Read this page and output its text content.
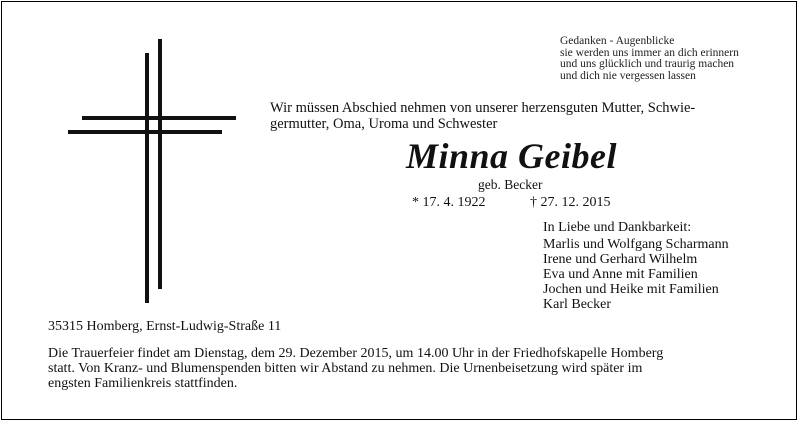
Gedanken - Augenblicke
sie werden uns immer an dich erinnern
und uns glücklich und traurig machen
und dich nie vergessen lassen
Wir müssen Abschied nehmen von unserer herzensguten Mutter, Schwie-
germutter, Oma, Uroma und Schwester
Minna Geibel
geb. Becker
* 17. 4. 1922	† 27. 12. 2015
In Liebe und Dankbarkeit:
Marlis und Wolfgang Scharmann
Irene und Gerhard Wilhelm
Eva und Anne mit Familien
Jochen und Heike mit Familien
Karl Becker
35315 Homberg, Ernst-Ludwig-Straße 11
Die Trauerfeier findet am Dienstag, dem 29. Dezember 2015, um 14.00 Uhr in der Friedhofskapelle Homberg
statt. Von Kranz- und Blumenspenden bitten wir Abstand zu nehmen. Die Urnenbeisetzung wird später im
engsten Familienkreis stattfinden.
